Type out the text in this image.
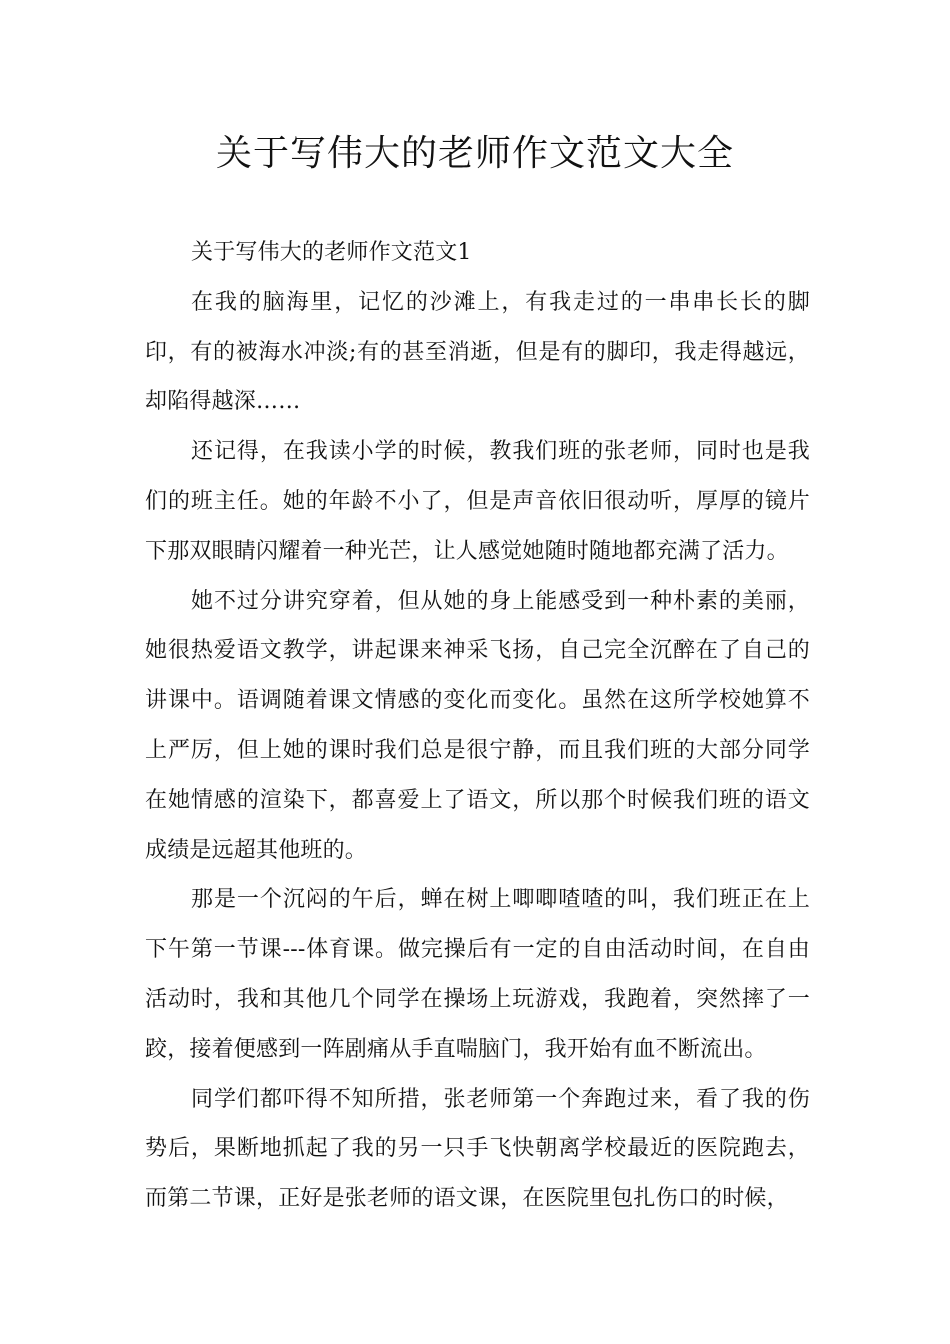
关于写伟大的老师作文范文大全

关于写伟大的老师作文范文1

在我的脑海里，记忆的沙滩上，有我走过的一串串长长的脚印，有的被海水冲淡;有的甚至消逝，但是有的脚印，我走得越远，却陷得越深……

还记得，在我读小学的时候，教我们班的张老师，同时也是我们的班主任。她的年龄不小了，但是声音依旧很动听，厚厚的镜片下那双眼睛闪耀着一种光芒，让人感觉她随时随地都充满了活力。

她不过分讲究穿着，但从她的身上能感受到一种朴素的美丽，她很热爱语文教学，讲起课来神采飞扬，自己完全沉醉在了自己的讲课中。语调随着课文情感的变化而变化。虽然在这所学校她算不上严厉，但上她的课时我们总是很宁静，而且我们班的大部分同学在她情感的渲染下，都喜爱上了语文，所以那个时候我们班的语文成绩是远超其他班的。

那是一个沉闷的午后，蝉在树上唧唧喳喳的叫，我们班正在上下午第一节课---体育课。做完操后有一定的自由活动时间，在自由活动时，我和其他几个同学在操场上玩游戏，我跑着，突然摔了一跤，接着便感到一阵剧痛从手直喘脑门，我开始有血不断流出。

同学们都吓得不知所措，张老师第一个奔跑过来，看了我的伤势后，果断地抓起了我的另一只手飞快朝离学校最近的医院跑去，而第二节课，正好是张老师的语文课，在医院里包扎伤口的时候，
